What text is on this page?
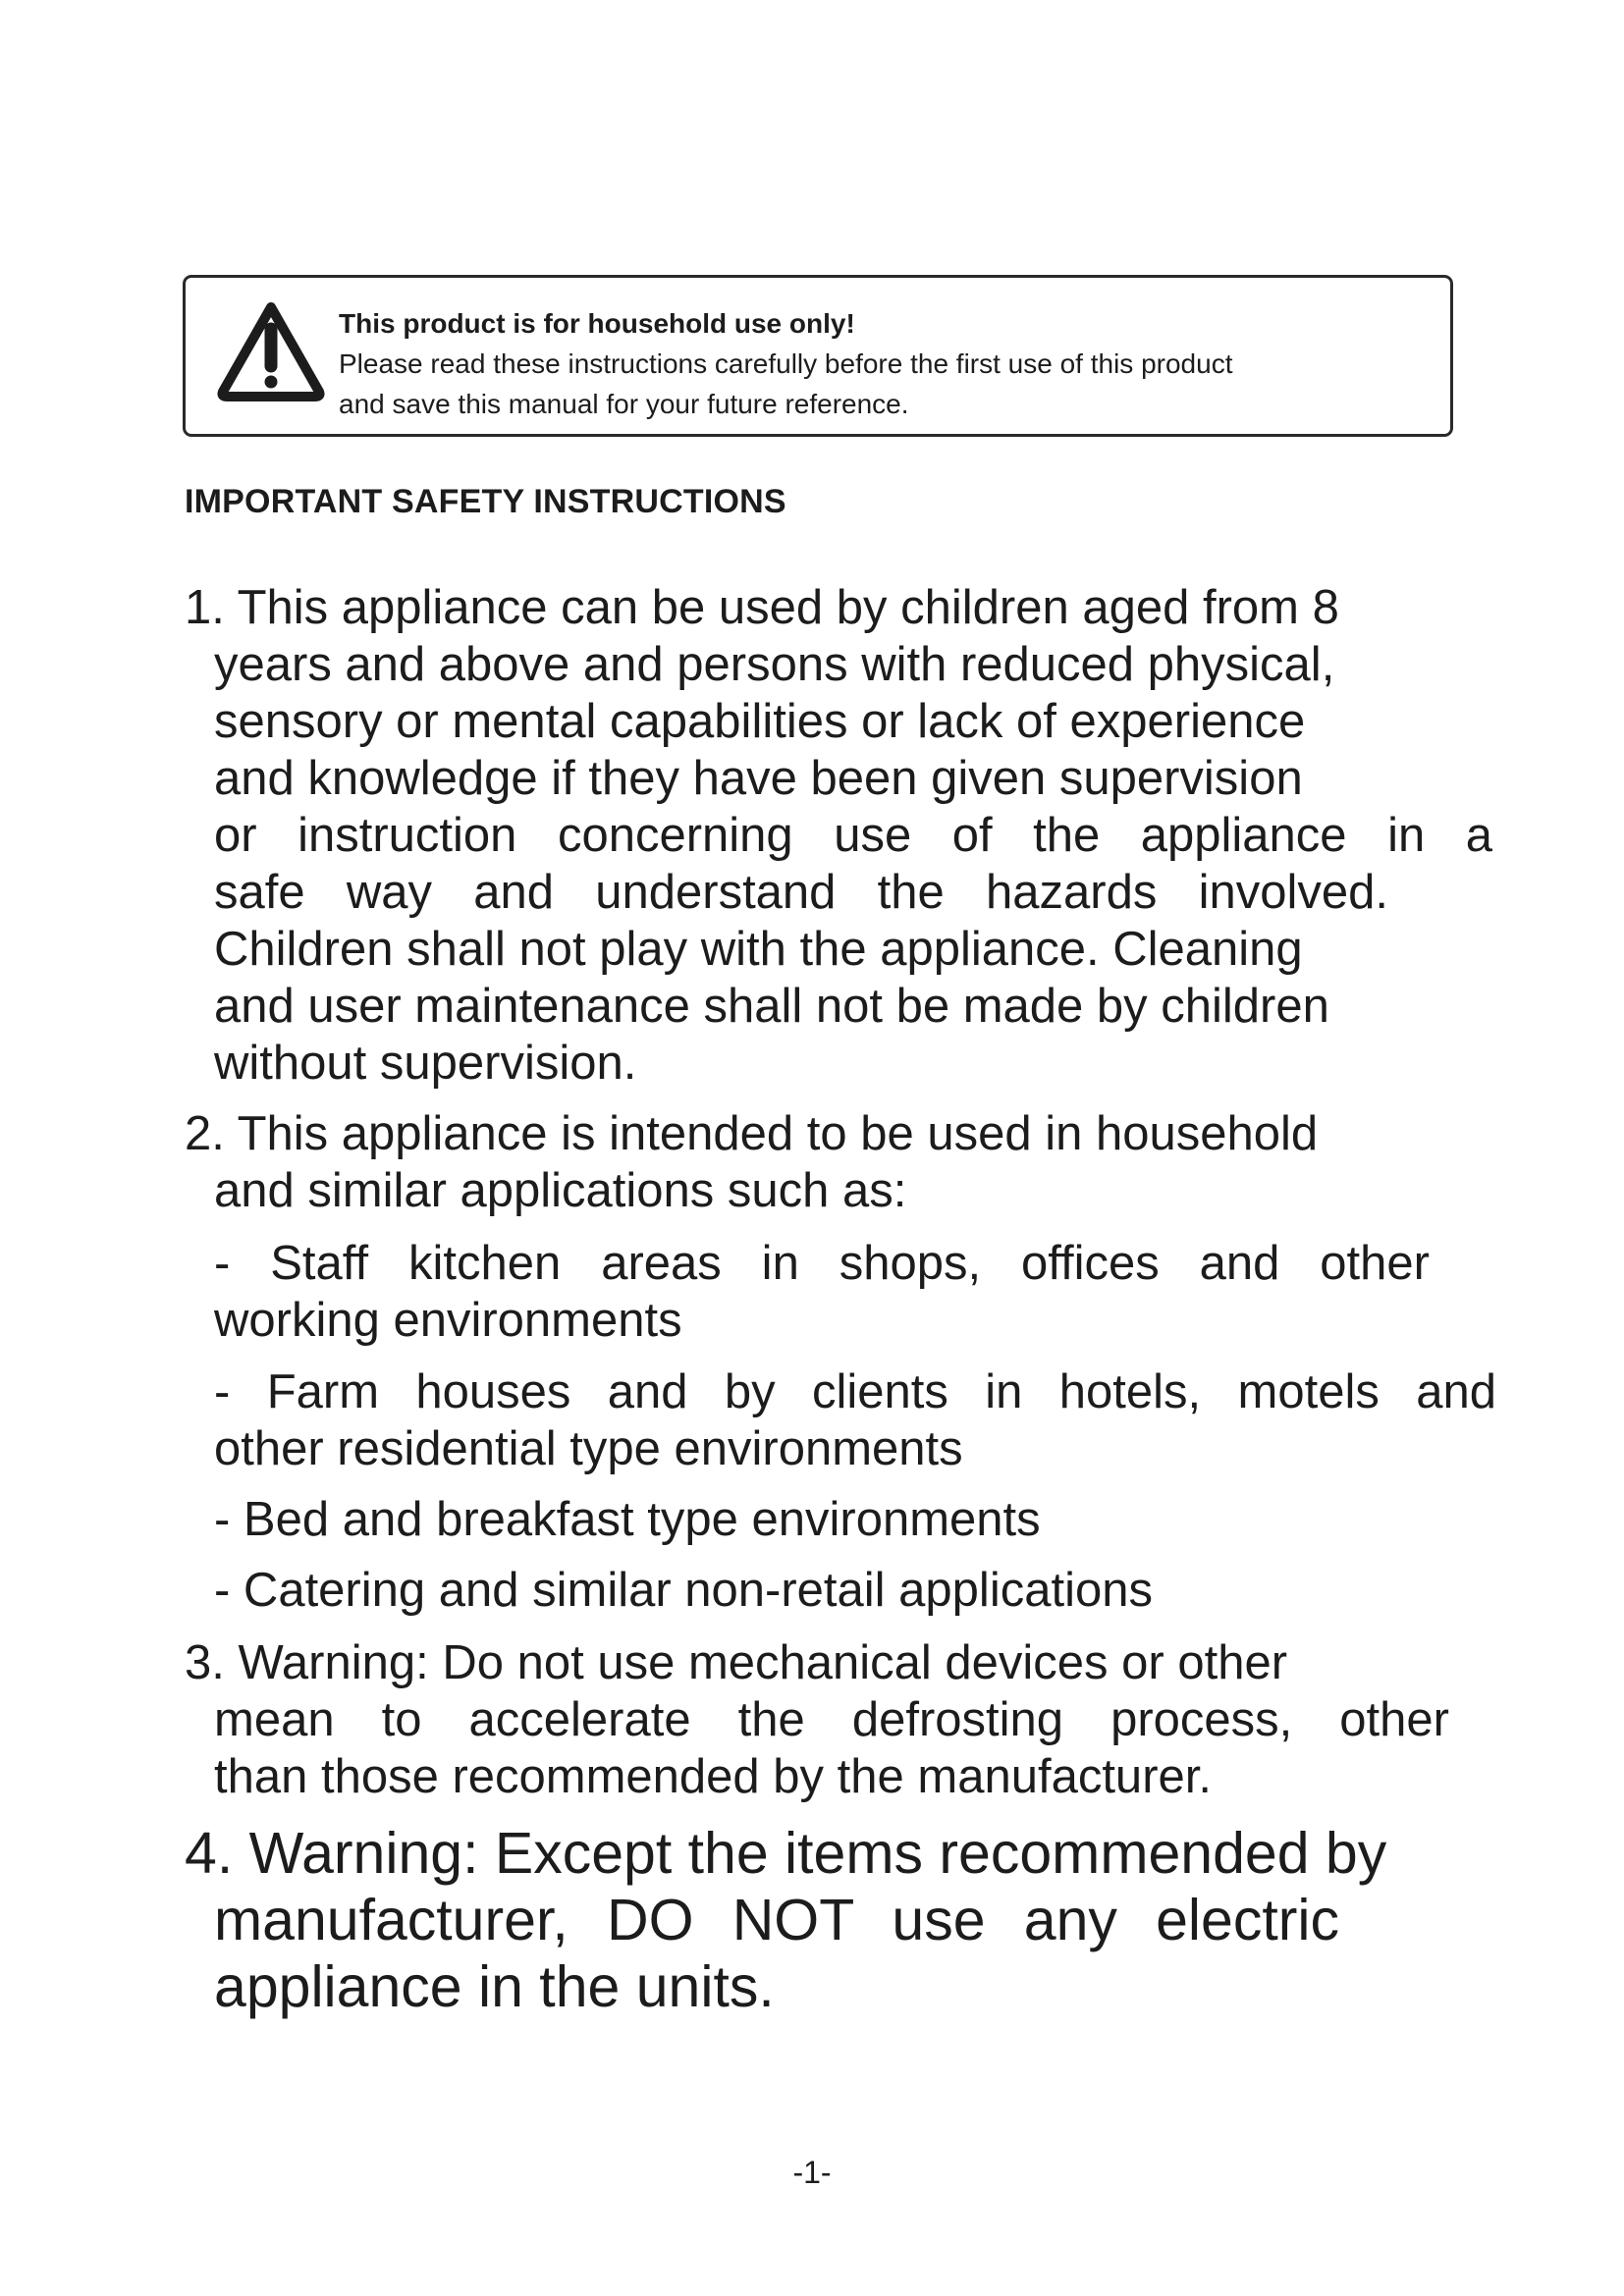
This product is for household use only!
Please read these instructions carefully before the first use of this product
and save this manual for your future reference.
IMPORTANT SAFETY INSTRUCTIONS
1. This appliance can be used by children aged from 8
years and above and persons with reduced physical,
sensory or mental capabilities or lack of experience
and knowledge if they have been given supervision
or instruction concerning use of the appliance in a
safe way and understand the hazards involved.
Children shall not play with the appliance. Cleaning
and user maintenance shall not be made by children
without supervision.
2. This appliance is intended to be used in household
and similar applications such as:
- Staff kitchen areas in shops, offices and other
working environments
- Farm houses and by clients in hotels, motels and
other residential type environments
- Bed and breakfast type environments
- Catering and similar non-retail applications
3. Warning: Do not use mechanical devices or other
mean to accelerate the defrosting process, other
than those recommended by the manufacturer.
4. Warning: Except the items recommended by
manufacturer, DO NOT use any electric
appliance in the units.
-1-
